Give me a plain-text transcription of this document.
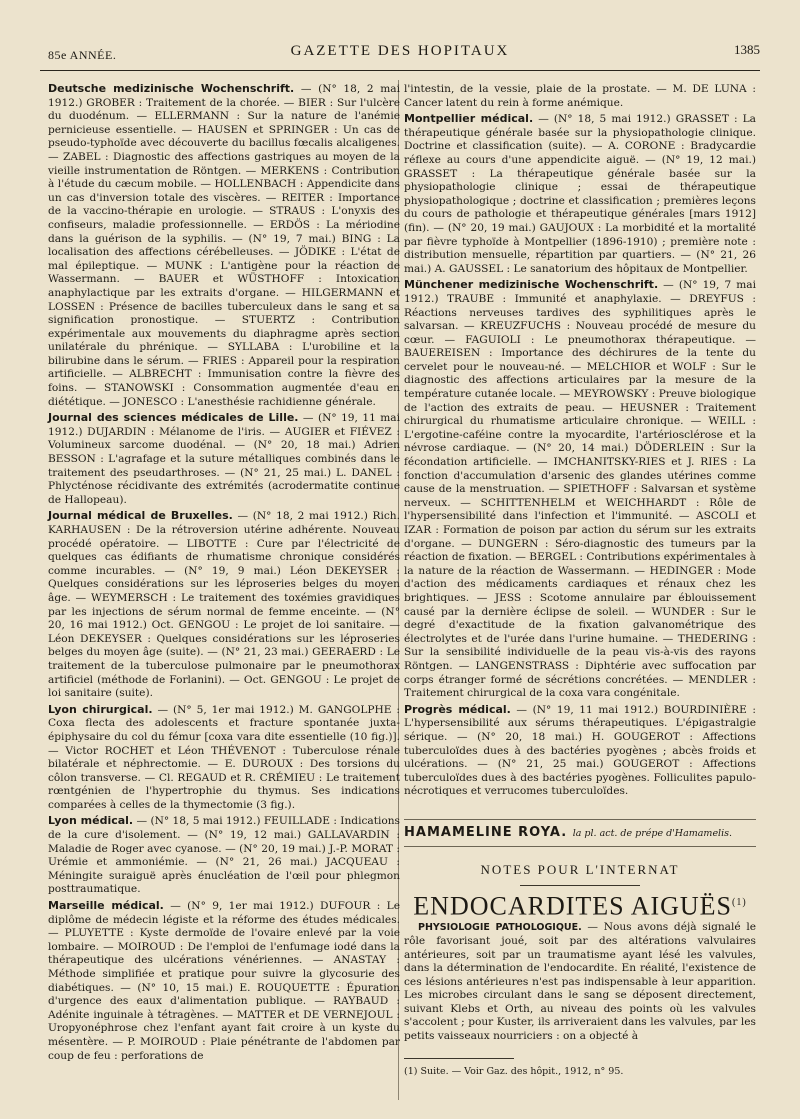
85e ANNÉE.	GAZETTE DES HOPITAUX	1385

Deutsche medizinische Wochenschrift. — (N° 18, 2 mai 1912.) GROBER : Traitement de la chorée. — BIER : Sur l'ulcère du duodénum. — ELLERMANN : Sur la nature de l'anémie pernicieuse essentielle. — HAUSEN et SPRINGER : Un cas de pseudo-typhoïde avec découverte du bacillus fœcalis alcaligenes. — ZABEL : Diagnostic des affections gastriques au moyen de la vieille instrumentation de Röntgen. — MERKENS : Contribution à l'étude du cæcum mobile. — HOLLENBACH : Appendicite dans un cas d'inversion totale des viscères. — REITER : Importance de la vaccino-thérapie en urologie. — STRAUS : L'onyxis des confiseurs, maladie professionnelle. — ERDÖS : La mériodine dans la guérison de la syphilis. — (N° 19, 7 mai.) BING : La localisation des affections cérébelleuses. — JÖDIKE : L'état de mal épileptique. — MUNK : L'antigène pour la réaction de Wassermann. — BAUER et WÜSTHOFF : Intoxication anaphylactique par les extraits d'organe. — HILGERMANN et LOSSEN : Présence de bacilles tuberculeux dans le sang et sa signification pronostique. — STUERTZ : Contribution expérimentale aux mouvements du diaphragme après section unilatérale du phrénique. — SYLLABA : L'urobiline et la bilirubine dans le sérum. — FRIES : Appareil pour la respiration artificielle. — ALBRECHT : Immunisation contre la fièvre des foins. — STANOWSKI : Consommation augmentée d'eau en diététique. — JONESCO : L'anesthésie rachidienne générale.

Journal des sciences médicales de Lille. — (N° 19, 11 mai 1912.) DUJARDIN : Mélanome de l'iris. — AUGIER et FIÉVEZ : Volumineux sarcome duodénal. — (N° 20, 18 mai.) Adrien BESSON : L'agrafage et la suture métalliques combinés dans le traitement des pseudarthroses. — (N° 21, 25 mai.) L. DANEL : Phlycténose récidivante des extrémités (acrodermatite continue de Hallopeau).

Journal médical de Bruxelles. — (N° 18, 2 mai 1912.) Rich. KARHAUSEN : De la rétroversion utérine adhérente. Nouveau procédé opératoire. — LIBOTTE : Cure par l'électricité de quelques cas édifiants de rhumatisme chronique considérés comme incurables. — (N° 19, 9 mai.) Léon DEKEYSER : Quelques considérations sur les léproseries belges du moyen âge. — WEYMERSCH : Le traitement des toxémies gravidiques par les injections de sérum normal de femme enceinte. — (N° 20, 16 mai 1912.) Oct. GENGOU : Le projet de loi sanitaire. — Léon DEKEYSER : Quelques considérations sur les léproseries belges du moyen âge (suite). — (N° 21, 23 mai.) GEERAERD : Le traitement de la tuberculose pulmonaire par le pneumothorax artificiel (méthode de Forlanini). — Oct. GENGOU : Le projet de loi sanitaire (suite).

Lyon chirurgical. — (N° 5, 1er mai 1912.) M. GANGOLPHE : Coxa flecta des adolescents et fracture spontanée juxta-épiphysaire du col du fémur [coxa vara dite essentielle (10 fig.)]. — Victor ROCHET et Léon THÉVENOT : Tuberculose rénale bilatérale et néphrectomie. — E. DUROUX : Des torsions du côlon transverse. — Cl. REGAUD et R. CRÉMIEU : Le traitement rœntgénien de l'hypertrophie du thymus. Ses indications comparées à celles de la thymectomie (3 fig.).

Lyon médical. — (N° 18, 5 mai 1912.) FEUILLADE : Indications de la cure d'isolement. — (N° 19, 12 mai.) GALLAVARDIN : Maladie de Roger avec cyanose. — (N° 20, 19 mai.) J.-P. MORAT : Urémie et ammoniémie. — (N° 21, 26 mai.) JACQUEAU : Méningite suraiguë après énucléation de l'œil pour phlegmon posttraumatique.

Marseille médical. — (N° 9, 1er mai 1912.) DUFOUR : Le diplôme de médecin légiste et la réforme des études médicales. — PLUYETTE : Kyste dermoïde de l'ovaire enlevé par la voie lombaire. — MOIROUD : De l'emploi de l'enfumage iodé dans la thérapeutique des ulcérations vénériennes. — ANASTAY : Méthode simplifiée et pratique pour suivre la glycosurie des diabétiques. — (N° 10, 15 mai.) E. ROUQUETTE : Épuration d'urgence des eaux d'alimentation publique. — RAYBAUD : Adénite inguinale à tétragènes. — MATTER et DE VERNEJOUL : Uropyonéphrose chez l'enfant ayant fait croire à un kyste du mésentère. — P. MOIROUD : Plaie pénétrante de l'abdomen par coup de feu : perforations de

l'intestin, de la vessie, plaie de la prostate. — M. DE LUNA : Cancer latent du rein à forme anémique.

Montpellier médical. — (N° 18, 5 mai 1912.) GRASSET : La thérapeutique générale basée sur la physiopathologie clinique. Doctrine et classification (suite). — A. CORONE : Bradycardie réflexe au cours d'une appendicite aiguë. — (N° 19, 12 mai.) GRASSET : La thérapeutique générale basée sur la physiopathologie clinique ; essai de thérapeutique physiopathologique ; doctrine et classification ; premières leçons du cours de pathologie et thérapeutique générales [mars 1912] (fin). — (N° 20, 19 mai.) GAUJOUX : La morbidité et la mortalité par fièvre typhoïde à Montpellier (1896-1910) ; première note : distribution mensuelle, répartition par quartiers. — (N° 21, 26 mai.) A. GAUSSEL : Le sanatorium des hôpitaux de Montpellier.

Münchener medizinische Wochenschrift. — (N° 19, 7 mai 1912.) TRAUBE : Immunité et anaphylaxie. — DREYFUS : Réactions nerveuses tardives des syphilitiques après le salvarsan. — KREUZFUCHS : Nouveau procédé de mesure du cœur. — FAGUIOLI : Le pneumothorax thérapeutique. — BAUEREISEN : Importance des déchirures de la tente du cervelet pour le nouveau-né. — MELCHIOR et WOLF : Sur le diagnostic des affections articulaires par la mesure de la température cutanée locale. — MEYROWSKY : Preuve biologique de l'action des extraits de peau. — HEUSNER : Traitement chirurgical du rhumatisme articulaire chronique. — WEILL : L'ergotine-caféine contre la myocardite, l'artériosclérose et la névrose cardiaque. — (N° 20, 14 mai.) DÖDERLEIN : Sur la fécondation artificielle. — IMCHANITSKY-RIES et J. RIES : La fonction d'accumulation d'arsenic des glandes utérines comme cause de la menstruation. — SPIETHOFF : Salvarsan et système nerveux. — SCHITTENHELM et WEICHHARDT : Rôle de l'hypersensibilité dans l'infection et l'immunité. — ASCOLI et IZAR : Formation de poison par action du sérum sur les extraits d'organe. — DUNGERN : Séro-diagnostic des tumeurs par la réaction de fixation. — BERGEL : Contributions expérimentales à la nature de la réaction de Wassermann. — HEDINGER : Mode d'action des médicaments cardiaques et rénaux chez les brightiques. — JESS : Scotome annulaire par éblouissement causé par la dernière éclipse de soleil. — WUNDER : Sur le degré d'exactitude de la fixation galvanométrique des électrolytes et de l'urée dans l'urine humaine. — THEDERING : Sur la sensibilité individuelle de la peau vis-à-vis des rayons Röntgen. — LANGENSTRASS : Diphtérie avec suffocation par corps étranger formé de sécrétions concrétées. — MENDLER : Traitement chirurgical de la coxa vara congénitale.

Progrès médical. — (N° 19, 11 mai 1912.) BOURDINIÈRE : L'hypersensibilité aux sérums thérapeutiques. L'épigastralgie sérique. — (N° 20, 18 mai.) H. GOUGEROT : Affections tuberculoïdes dues à des bactéries pyogènes ; abcès froids et ulcérations. — (N° 21, 25 mai.) GOUGEROT : Affections tuberculoïdes dues à des bactéries pyogènes. Folliculites papulo-nécrotiques et verrucomes tuberculoïdes.

HAMAMELINE ROYA. la pl. act. de prépe d'Hamamelis.
NOTES POUR L'INTERNAT
ENDOCARDITES AIGUËS$^{(1)}$

PHYSIOLOGIE PATHOLOGIQUE. — Nous avons déjà signalé le rôle favorisant joué, soit par des altérations valvulaires antérieures, soit par un traumatisme ayant lésé les valvules, dans la détermination de l'endocardite. En réalité, l'existence de ces lésions antérieures n'est pas indispensable à leur apparition. Les microbes circulant dans le sang se déposent directement, suivant Klebs et Orth, au niveau des points où les valvules s'accolent ; pour Kuster, ils arriveraient dans les valvules, par les petits vaisseaux nourriciers : on a objecté à

(1) Suite. — Voir Gaz. des hôpit., 1912, n° 95.
